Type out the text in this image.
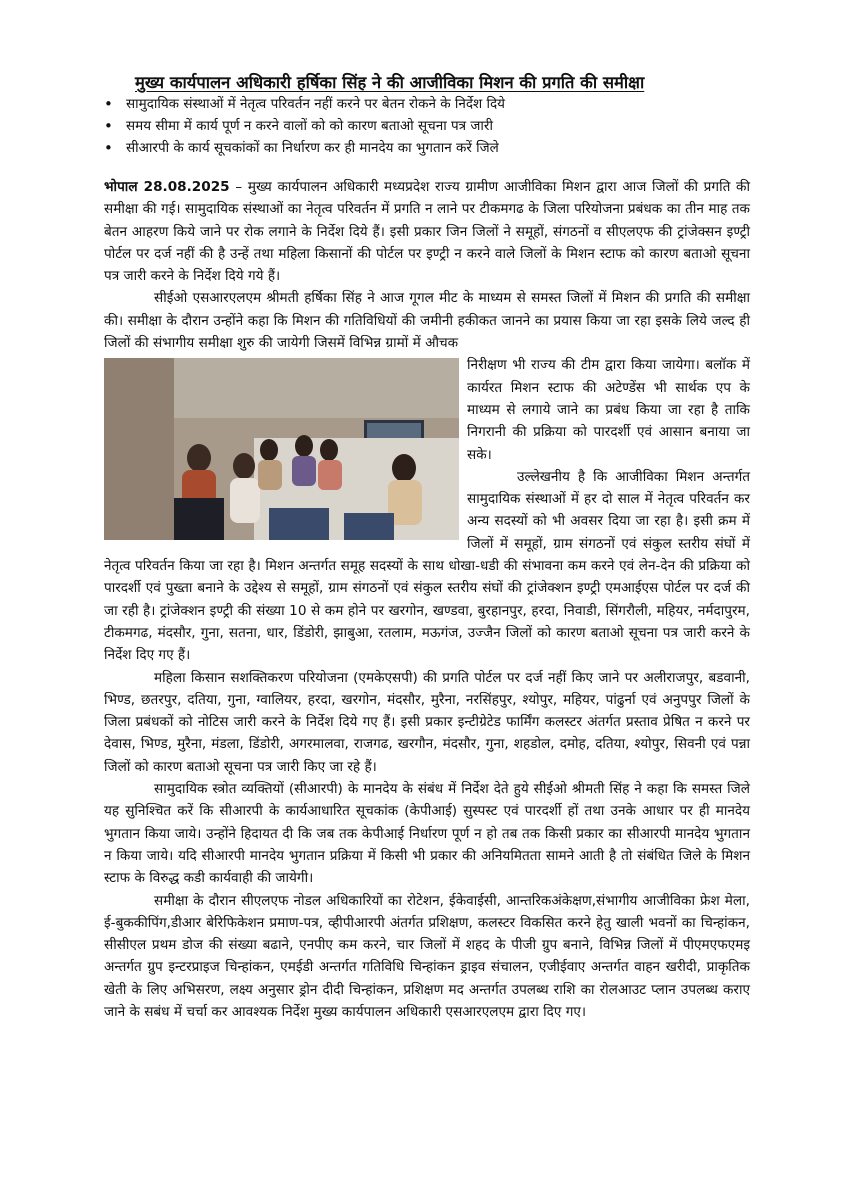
मुख्य कार्यपालन अधिकारी हर्षिका सिंह ने की आजीविका मिशन की प्रगति की समीक्षा
• सामुदायिक संस्थाओं में नेतृत्व परिवर्तन नहीं करने पर बेतन रोकने के निर्देश दिये
• समय सीमा में कार्य पूर्ण न करने वालों को को कारण बताओ सूचना पत्र जारी
• सीआरपी के कार्य सूचकांकों का निर्धारण कर ही मानदेय का भुगतान करें जिले

भोपाल 28.08.2025 – मुख्य कार्यपालन अधिकारी मध्यप्रदेश राज्य ग्रामीण आजीविका मिशन द्वारा आज जिलों की प्रगति की समीक्षा की गई। सामुदायिक संस्थाओं का नेतृत्व परिवर्तन में प्रगति न लाने पर टीकमगढ के जिला परियोजना प्रबंधक का तीन माह तक बेतन आहरण किये जाने पर रोक लगाने के निर्देश दिये हैं। इसी प्रकार जिन जिलों ने समूहों, संगठनों व सीएलएफ की ट्रांजेक्सन इण्ट्री पोर्टल पर दर्ज नहीं की है उन्हें तथा महिला किसानों की पोर्टल पर इण्ट्री न करने वाले जिलों के मिशन स्टाफ को कारण बताओ सूचना पत्र जारी करने के निर्देश दिये गये हैं।

सीईओ एसआरएलएम श्रीमती हर्षिका सिंह ने आज गूगल मीट के माध्यम से समस्त जिलों में मिशन की प्रगति की समीक्षा की। समीक्षा के दौरान उन्होंने कहा कि मिशन की गतिविधियों की जमीनी हकीकत जानने का प्रयास किया जा रहा इसके लिये जल्द ही जिलों की संभागीय समीक्षा शुरु की जायेगी जिसमें विभिन्न ग्रामों में औचक

निरीक्षण भी राज्य की टीम द्वारा किया जायेगा। बलॉक में कार्यरत मिशन स्टाफ की अटेण्डेंस भी सार्थक एप के माध्यम से लगाये जाने का प्रबंध किया जा रहा है ताकि निगरानी की प्रक्रिया को पारदर्शी एवं आसान बनाया जा सके।

उल्लेखनीय है कि आजीविका मिशन अन्तर्गत सामुदायिक संस्थाओं में हर दो साल में नेतृत्व परिवर्तन कर अन्य सदस्यों को भी अवसर दिया जा रहा है। इसी क्रम में जिलों में समूहों, ग्राम संगठनों एवं संकुल स्तरीय संघों में नेतृत्व परिवर्तन किया जा रहा है। मिशन अन्तर्गत समूह सदस्यों के साथ धोखा-धडी की संभावना कम करने एवं लेन-देन की प्रक्रिया को पारदर्शी एवं पुख्ता बनाने के उद्देश्य से समूहों, ग्राम संगठनों एवं संकुल स्तरीय संघों की ट्रांजेक्शन इण्ट्री एमआईएस पोर्टल पर दर्ज की जा रही है। ट्रांजेक्शन इण्ट्री की संख्या 10 से कम होने पर खरगोन, खण्डवा, बुरहानपुर, हरदा, निवाडी, सिंगरौली, महियर, नर्मदापुरम, टीकमगढ, मंदसौर, गुना, सतना, धार, डिंडोरी, झाबुआ, रतलाम, मऊगंज, उज्जैन जिलों को कारण बताओ सूचना पत्र जारी करने के निर्देश दिए गए हैं।

महिला किसान सशक्तिकरण परियोजना (एमकेएसपी) की प्रगति पोर्टल पर दर्ज नहीं किए जाने पर अलीराजपुर, बडवानी, भिण्ड, छतरपुर, दतिया, गुना, ग्वालियर, हरदा, खरगोन, मंदसौर, मुरैना, नरसिंहपुर, श्योपुर, महियर, पांढुर्ना एवं अनुपपुर जिलों के जिला प्रबंधकों को नोटिस जारी करने के निर्देश दिये गए हैं। इसी प्रकार इन्टीग्रेटेड फार्मिंग कलस्टर अंतर्गत प्रस्ताव प्रेषित न करने पर देवास, भिण्ड, मुरैना, मंडला, डिंडोरी, अगरमालवा, राजगढ, खरगौन, मंदसौर, गुना, शहडोल, दमोह, दतिया, श्योपुर, सिवनी एवं पन्ना जिलों को कारण बताओ सूचना पत्र जारी किए जा रहे हैं।

सामुदायिक स्त्रोत व्यक्तियों (सीआरपी) के मानदेय के संबंध में निर्देश देते हुये सीईओ श्रीमती सिंह ने कहा कि समस्त जिले यह सुनिश्चित करें कि सीआरपी के कार्यआधारित सूचकांक (केपीआई) सुस्पस्ट एवं पारदर्शी हों तथा उनके आधार पर ही मानदेय भुगतान किया जाये। उन्होंने हिदायत दी कि जब तक केपीआई निर्धारण पूर्ण न हो तब तक किसी प्रकार का सीआरपी मानदेय भुगतान न किया जाये। यदि सीआरपी मानदेय भुगतान प्रक्रिया में किसी भी प्रकार की अनियमितता सामने आती है तो संबंधित जिले के मिशन स्टाफ के विरुद्ध कडी कार्यवाही की जायेगी।

समीक्षा के दौरान सीएलएफ नोडल अधिकारियों का रोटेशन, ईकेवाईसी, आन्तरिकअंकेक्षण,संभागीय आजीविका फ्रेश मेला, ई-बुककीपिंग,डीआर बेरिफिकेशन प्रमाण-पत्र, व्हीपीआरपी अंतर्गत प्रशिक्षण, कलस्टर विकसित करने हेतु खाली भवनों का चिन्हांकन, सीसीएल प्रथम डोज की संख्या बढाने, एनपीए कम करने, चार जिलों में शहद के पीजी ग्रुप बनाने, विभिन्न जिलों में पीएमएफएमइ अन्तर्गत ग्रुप इन्टरप्राइज चिन्हांकन, एमईडी अन्तर्गत गतिविधि चिन्हांकन ड्राइव संचालन, एजीईवाए अन्तर्गत वाहन खरीदी, प्राकृतिक खेती के लिए अभिसरण, लक्ष्य अनुसार ड्रोन दीदी चिन्हांकन, प्रशिक्षण मद अन्तर्गत उपलब्ध राशि का रोलआउट प्लान उपलब्ध कराए जाने के सबंध में चर्चा कर आवश्यक निर्देश मुख्य कार्यपालन अधिकारी एसआरएलएम द्वारा दिए गए।
